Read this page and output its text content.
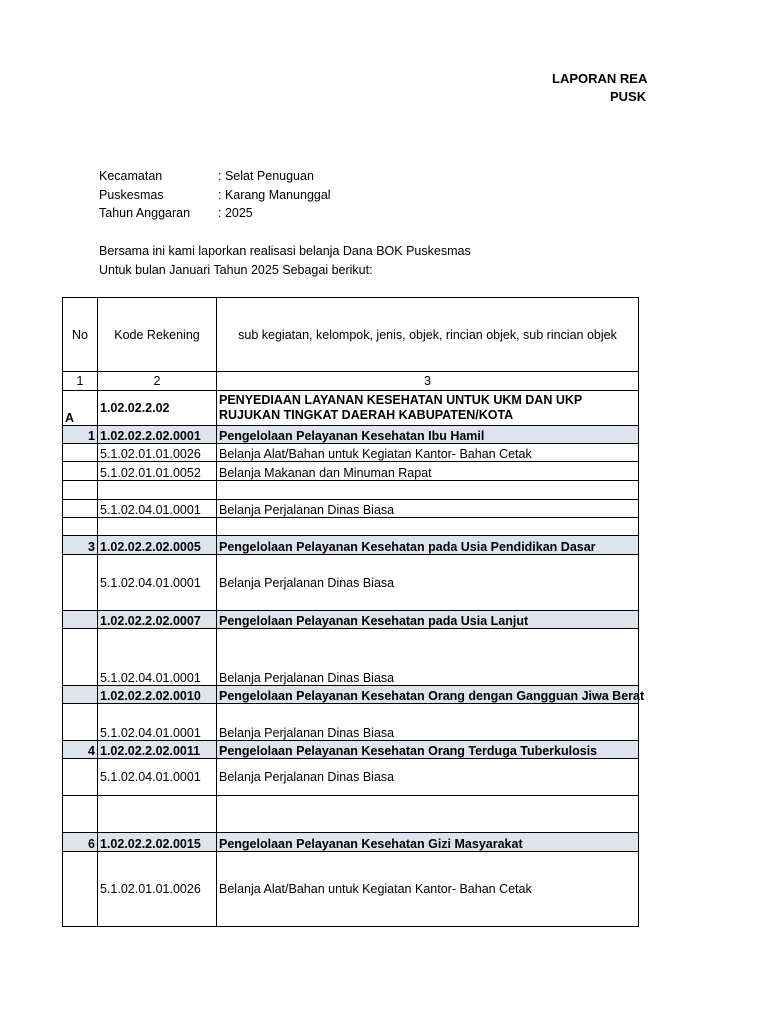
LAPORAN REA
PUSK
Kecamatan	: Selat Penuguan
Puskesmas	: Karang Manunggal
Tahun Anggaran	: 2025
Bersama ini kami laporkan realisasi belanja Dana BOK Puskesmas
Untuk bulan Januari Tahun 2025 Sebagai berikut:
No	Kode Rekening	sub kegiatan, kelompok, jenis, objek, rincian objek, sub rincian objek
1	2	3
A	1.02.02.2.02	PENYEDIAAN LAYANAN KESEHATAN UNTUK UKM DAN UKP RUJUKAN TINGKAT DAERAH KABUPATEN/KOTA
1	1.02.02.2.02.0001	Pengelolaan Pelayanan Kesehatan Ibu Hamil
	5.1.02.01.01.0026	Belanja Alat/Bahan untuk Kegiatan Kantor- Bahan Cetak
	5.1.02.01.01.0052	Belanja Makanan dan Minuman Rapat

	5.1.02.04.01.0001	Belanja Perjalanan Dinas Biasa

3	1.02.02.2.02.0005	Pengelolaan Pelayanan Kesehatan pada Usia Pendidikan Dasar
	5.1.02.04.01.0001	Belanja Perjalanan Dinas Biasa
	1.02.02.2.02.0007	Pengelolaan Pelayanan Kesehatan pada Usia Lanjut
	5.1.02.04.01.0001	Belanja Perjalanan Dinas Biasa
	1.02.02.2.02.0010	Pengelolaan Pelayanan Kesehatan Orang dengan Gangguan Jiwa Berat
	5.1.02.04.01.0001	Belanja Perjalanan Dinas Biasa
4	1.02.02.2.02.0011	Pengelolaan Pelayanan Kesehatan Orang Terduga Tuberkulosis
	5.1.02.04.01.0001	Belanja Perjalanan Dinas Biasa

6	1.02.02.2.02.0015	Pengelolaan Pelayanan Kesehatan Gizi Masyarakat
	5.1.02.01.01.0026	Belanja Alat/Bahan untuk Kegiatan Kantor- Bahan Cetak
